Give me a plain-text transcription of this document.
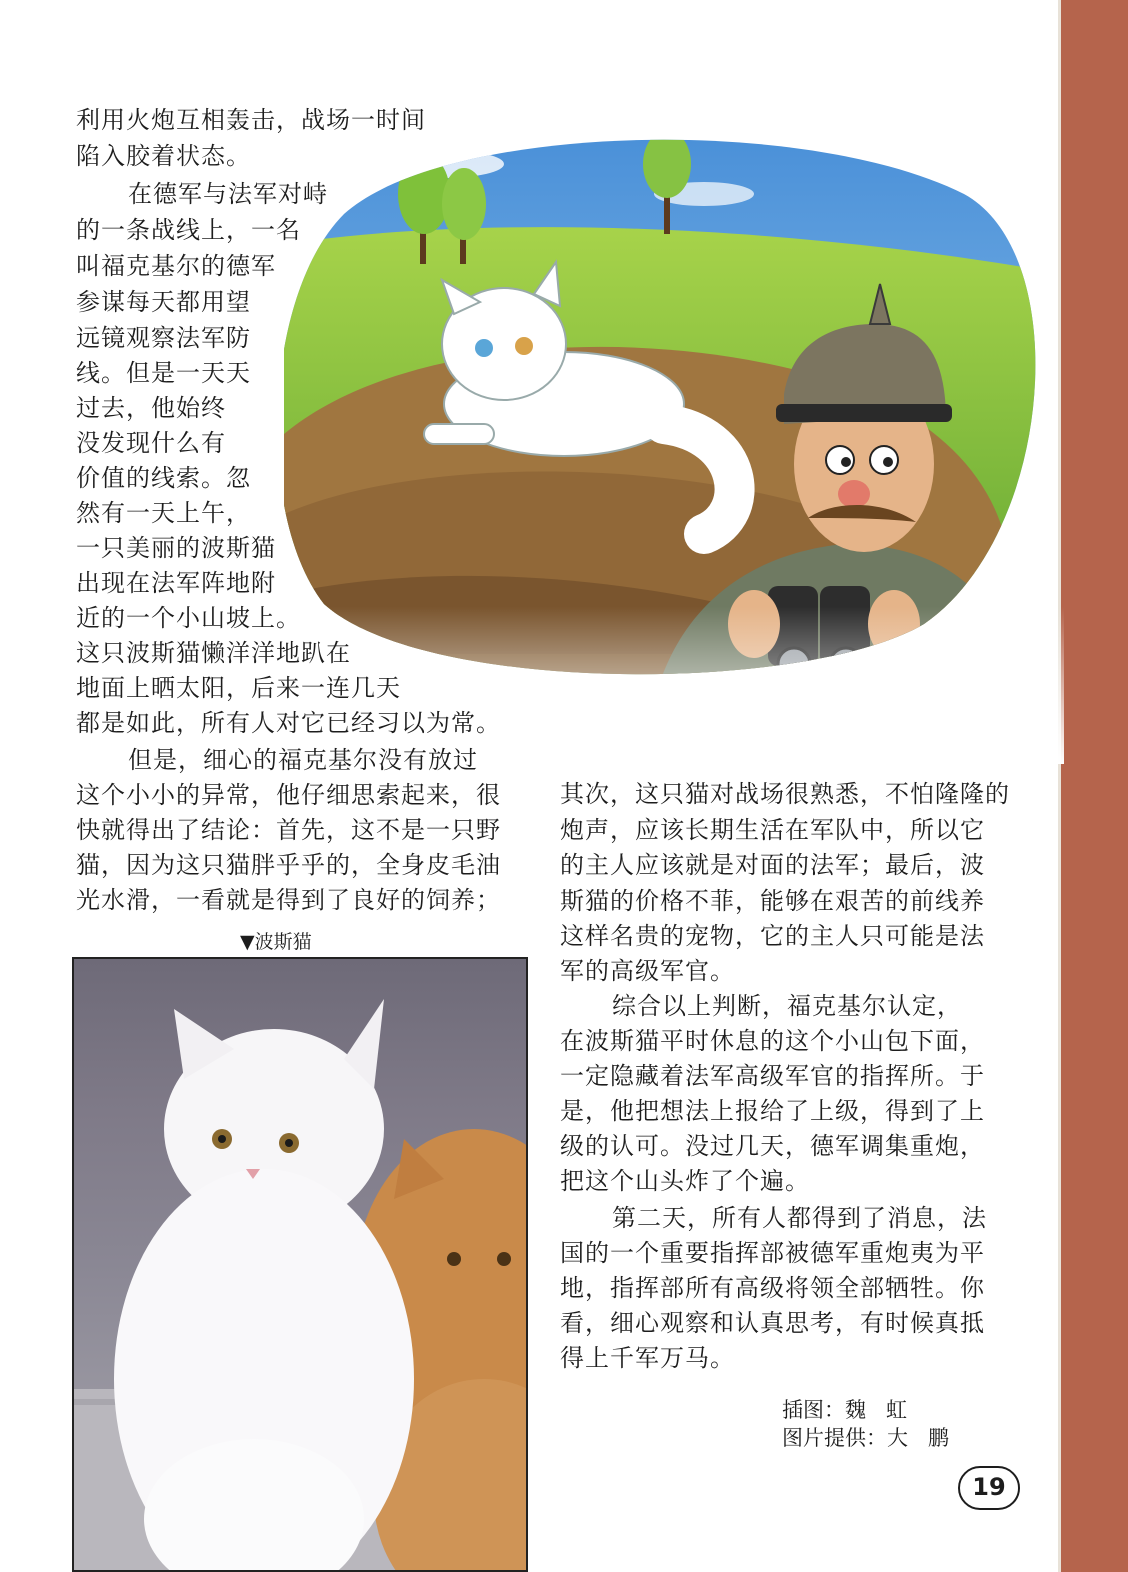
利用火炮互相轰击，战场一时间
陷入胶着状态。
在德军与法军对峙
的一条战线上，一名
叫福克基尔的德军
参谋每天都用望
远镜观察法军防
线。但是一天天
过去，他始终
没发现什么有
价值的线索。忽
然有一天上午，
一只美丽的波斯猫
出现在法军阵地附
近的一个小山坡上。
这只波斯猫懒洋洋地趴在
地面上晒太阳，后来一连几天
都是如此，所有人对它已经习以为常。
但是，细心的福克基尔没有放过
这个小小的异常，他仔细思索起来，很
快就得出了结论：首先，这不是一只野
猫，因为这只猫胖乎乎的，全身皮毛油
光水滑，一看就是得到了良好的饲养；
其次，这只猫对战场很熟悉，不怕隆隆的
炮声，应该长期生活在军队中，所以它
的主人应该就是对面的法军；最后，波
斯猫的价格不菲，能够在艰苦的前线养
这样名贵的宠物，它的主人只可能是法
军的高级军官。
综合以上判断，福克基尔认定，
在波斯猫平时休息的这个小山包下面，
一定隐藏着法军高级军官的指挥所。于
是，他把想法上报给了上级，得到了上
级的认可。没过几天，德军调集重炮，
把这个山头炸了个遍。
第二天，所有人都得到了消息，法
国的一个重要指挥部被德军重炮夷为平
地，指挥部所有高级将领全部牺牲。你
看，细心观察和认真思考，有时候真抵
得上千军万马。
▼波斯猫
插图：魏   虹
图片提供：大   鹏
19
